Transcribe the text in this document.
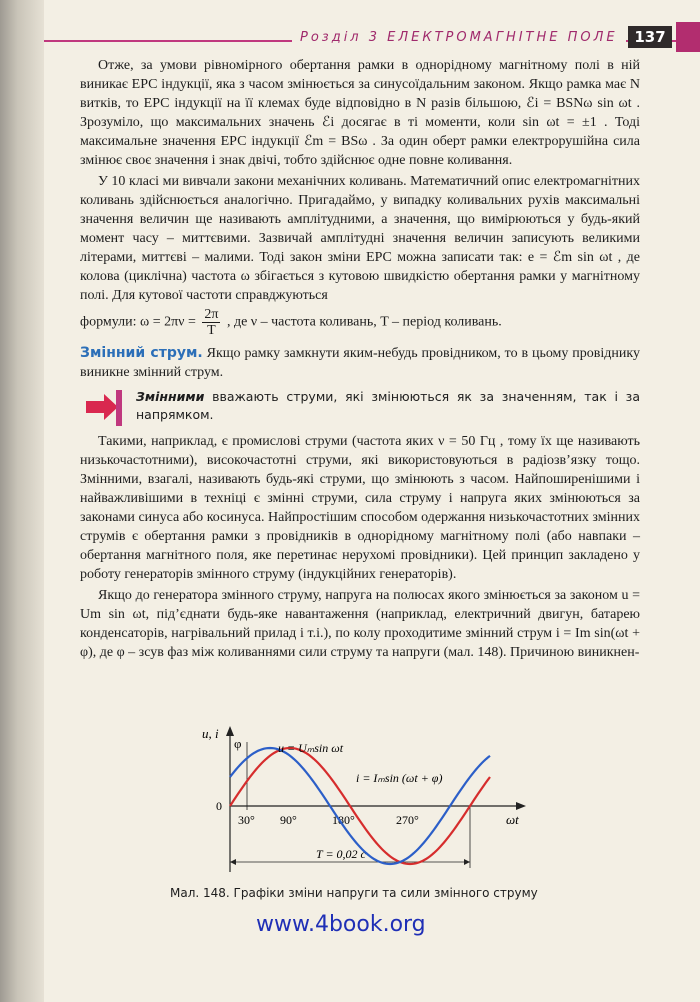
Розділ 3 ЕЛЕКТРОМАГНІТНЕ ПОЛЕ	137

Отже, за умови рівномірного обертання рамки в однорідному магнітному полі в ній виникає ЕРС індукції, яка з часом змінюється за синусоїдальним законом. Якщо рамка має N витків, то ЕРС індукції на її клемах буде відповідно в N разів більшою, ℰi = BSNω sin ωt . Зрозуміло, що максимальних значень ℰi досягає в ті моменти, коли sin ωt = ±1 . Тоді максимальне значення ЕРС індукції ℰm = BSω . За один оберт рамки електрорушійна сила змінює своє значення і знак двічі, тобто здійснює одне повне коливання.

У 10 класі ми вивчали закони механічних коливань. Математичний опис електромагнітних коливань здійснюється аналогічно. Пригадаймо, у випадку коливальних рухів максимальні значення величин ще називають амплітудними, а значення, що вимірюються у будь-який момент часу – миттєвими. Зазвичай амплітудні значення величин записують великими літерами, миттєві – малими. Тоді закон зміни ЕРС можна записати так: e = ℰm sin ωt , де колова (циклічна) частота ω збігається з кутовою швидкістю обертання рамки у магнітному полі. Для кутової частоти справджуються

формули: $\omega = 2\pi\nu = \frac{2\pi}{T}$ , де ν – частота коливань, T – період коливань.

Змінний струм. Якщо рамку замкнути яким-небудь провідником, то в цьому провіднику виникне змінний струм.

Змінними вважають струми, які змінюються як за значенням, так і за напрямком.

Такими, наприклад, є промислові струми (частота яких ν = 50 Гц , тому їх ще називають низькочастотними), високочастотні струми, які використовуються в радіозв’язку тощо. Змінними, взагалі, називають будь-які струми, що змінюють з часом. Найпоширенішими і найважливішими в техніці є змінні струми, сила струму і напруга яких змінюються за законами синуса або косинуса. Найпростішим способом одержання низькочастотних змінних струмів є обертання рамки з провідників в однорідному магнітному полі (або навпаки – обертання магнітного поля, яке перетинає нерухомі провідники). Цей принцип закладено у роботу генераторів змінного струму (індукційних генераторів).

Якщо до генератора змінного струму, напруга на полюсах якого змінюється за законом u = Um sin ωt, під’єднати будь-яке навантаження (наприклад, електричний двигун, батарею конденсаторів, нагрівальний прилад і т.і.), по колу проходитиме змінний струм i = Im sin(ωt + φ), де φ – зсув фаз між коливаннями сили струму та напруги (мал. 148). Причиною виникнен-

u, i
ωt
0
30° 90°	180°	270°
φ
T = 0,02 с
u = Uₘsin ωt
i = Iₘsin (ωt + φ)
Мал. 148. Графіки зміни напруги та сили змінного струму
www.4book.org
